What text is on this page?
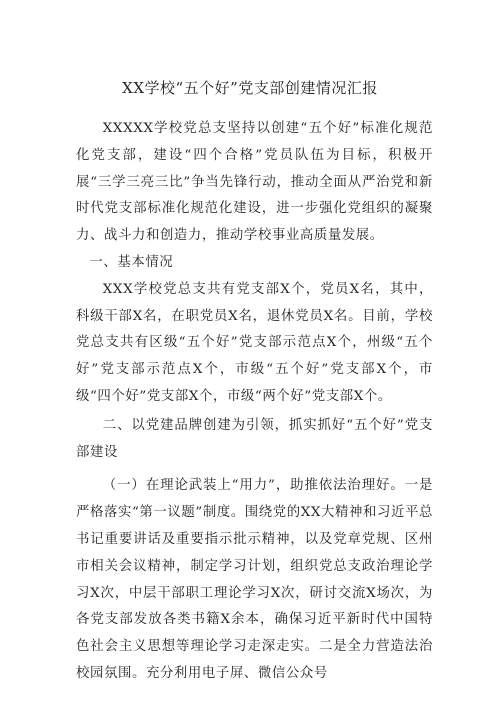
XX学校“五个好”党支部创建情况汇报

XXXXX学校党总支坚持以创建“五个好”标准化规范化党支部，建设“四个合格”党员队伍为目标，积极开展“三学三亮三比”争当先锋行动，推动全面从严治党和新时代党支部标准化规范化建设，进一步强化党组织的凝聚力、战斗力和创造力，推动学校事业高质量发展。

一、基本情况

XXX学校党总支共有党支部X个，党员X名，其中，科级干部X名，在职党员X名，退休党员X名。目前，学校党总支共有区级“五个好”党支部示范点X个，州级“五个好”党支部示范点X个，市级“五个好”党支部X个，市级“四个好”党支部X个，市级“两个好”党支部X个。

二、以党建品牌创建为引领，抓实抓好“五个好”党支部建设

（一）在理论武装上“用力”，助推依法治理好。一是严格落实“第一议题”制度。围绕党的XX大精神和习近平总书记重要讲话及重要指示批示精神，以及党章党规、区州市相关会议精神，制定学习计划，组织党总支政治理论学习X次，中层干部职工理论学习X次，研讨交流X场次，为各党支部发放各类书籍X余本，确保习近平新时代中国特色社会主义思想等理论学习走深走实。二是全力营造法治校园氛围。充分利用电子屏、微信公众号
